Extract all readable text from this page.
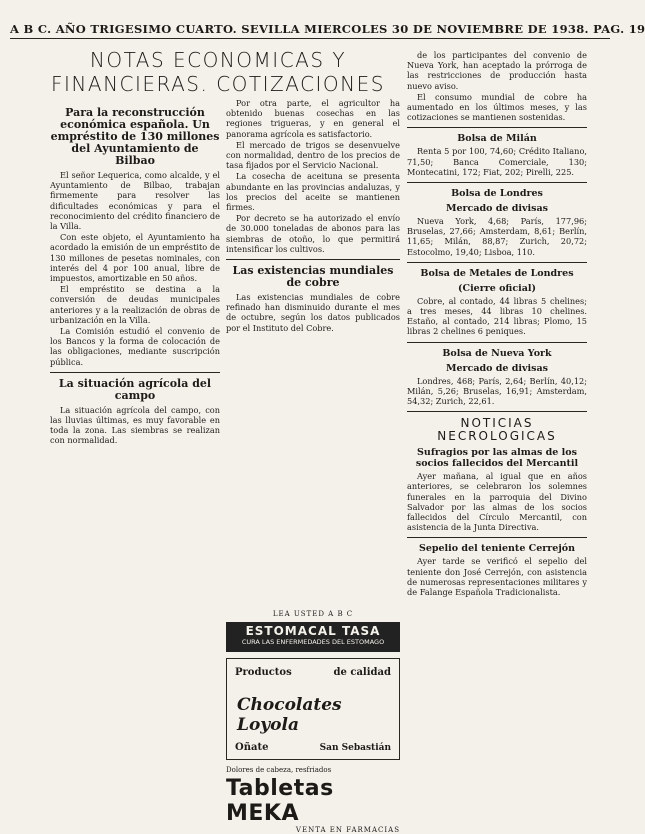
A B C. AÑO TRIGESIMO CUARTO. SEVILLA MIERCOLES 30 DE NOVIEMBRE DE 1938. PAG. 19
NOTAS ECONOMICAS Y FINANCIERAS. COTIZACIONES
Para la reconstrucción económica española. Un empréstito de 130 millones del Ayuntamiento de Bilbao

El señor Lequerica, como alcalde, y el Ayuntamiento de Bilbao, trabajan firmemente para resolver las dificultades económicas y para el reconocimiento del crédito financiero de la Villa.

Con este objeto, el Ayuntamiento ha acordado la emisión de un empréstito de 130 millones de pesetas nominales, con interés del 4 por 100 anual, libre de impuestos, amortizable en 50 años.

El empréstito se destina a la conversión de deudas municipales anteriores y a la realización de obras de urbanización en la Villa.

La Comisión estudió el convenio de los Bancos y la forma de colocación de las obligaciones, mediante suscripción pública.

La situación agrícola del campo

La situación agrícola del campo, con las lluvias últimas, es muy favorable en toda la zona. Las siembras se realizan con normalidad.

Por otra parte, el agricultor ha obtenido buenas cosechas en las regiones trigueras, y en general el panorama agrícola es satisfactorio.

El mercado de trigos se desenvuelve con normalidad, dentro de los precios de tasa fijados por el Servicio Nacional.

La cosecha de aceituna se presenta abundante en las provincias andaluzas, y los precios del aceite se mantienen firmes.

Por decreto se ha autorizado el envío de 30.000 toneladas de abonos para las siembras de otoño, lo que permitirá intensificar los cultivos.

Las existencias mundiales de cobre

Las existencias mundiales de cobre refinado han disminuido durante el mes de octubre, según los datos publicados por el Instituto del Cobre.

LEA USTED A B C
ESTOMACAL TASA
CURA LAS ENFERMEDADES DEL ESTOMAGO
Productos	de calidad
Chocolates Loyola
Oñate	San Sebastián
Dolores de cabeza, resfriados
Tabletas MEKA
VENTA EN FARMACIAS

de los participantes del convenio de Nueva York, han aceptado la prórroga de las restricciones de producción hasta nuevo aviso.

El consumo mundial de cobre ha aumentado en los últimos meses, y las cotizaciones se mantienen sostenidas.

Bolsa de Milán

Renta 5 por 100, 74,60; Crédito Italiano, 71,50; Banca Comerciale, 130; Montecatini, 172; Fiat, 202; Pirelli, 225.

Bolsa de Londres
Mercado de divisas

Nueva York, 4,68; París, 177,96; Bruselas, 27,66; Amsterdam, 8,61; Berlín, 11,65; Milán, 88,87; Zurich, 20,72; Estocolmo, 19,40; Lisboa, 110.

Bolsa de Metales de Londres
(Cierre oficial)

Cobre, al contado, 44 libras 5 chelines; a tres meses, 44 libras 10 chelines. Estaño, al contado, 214 libras; Plomo, 15 libras 2 chelines 6 peniques.

Bolsa de Nueva York
Mercado de divisas

Londres, 468; París, 2,64; Berlín, 40,12; Milán, 5,26; Bruselas, 16,91; Amsterdam, 54,32; Zurich, 22,61.

NOTICIAS NECROLOGICAS
Sufragios por las almas de los socios fallecidos del Mercantil

Ayer mañana, al igual que en años anteriores, se celebraron los solemnes funerales en la parroquia del Divino Salvador por las almas de los socios fallecidos del Círculo Mercantil, con asistencia de la Junta Directiva.

Sepelio del teniente Cerrejón

Ayer tarde se verificó el sepelio del teniente don José Cerrejón, con asistencia de numerosas representaciones militares y de Falange Española Tradicionalista.
